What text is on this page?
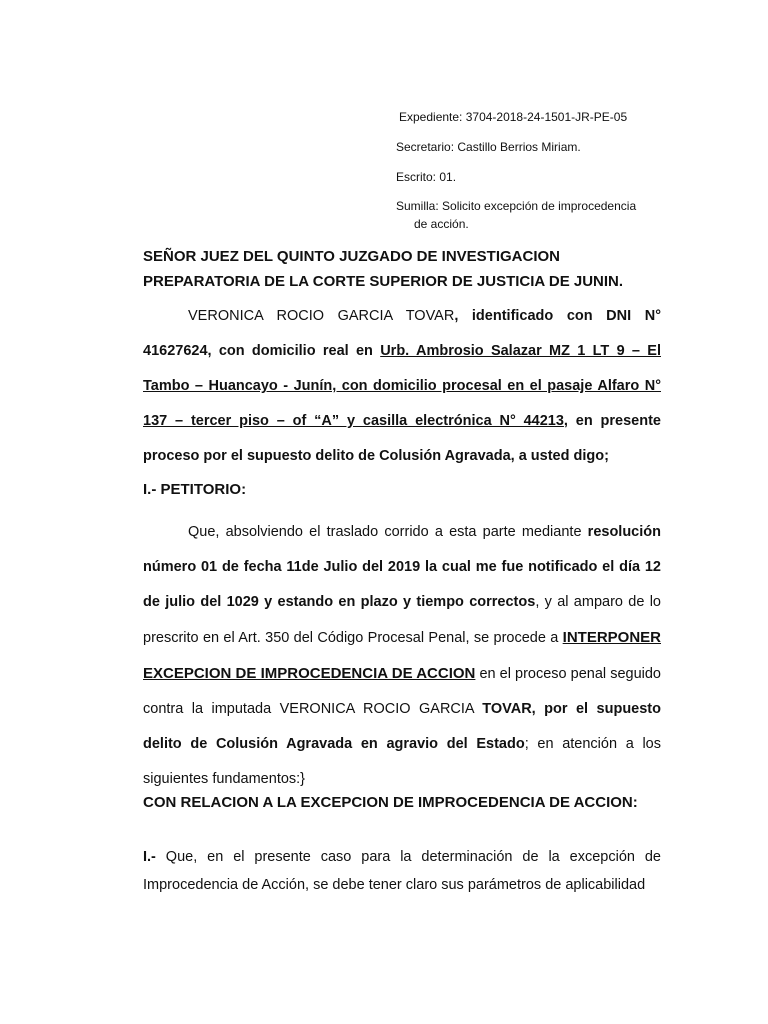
Expediente: 3704-2018-24-1501-JR-PE-05

Secretario: Castillo Berrios Miriam.

Escrito: 01.

Sumilla: Solicito excepción de improcedencia

de acción.

SEÑOR JUEZ DEL QUINTO JUZGADO DE INVESTIGACION PREPARATORIA DE LA CORTE SUPERIOR DE JUSTICIA DE JUNIN.
VERONICA ROCIO GARCIA TOVAR, identificado con DNI N° 41627624, con domicilio real en Urb. Ambrosio Salazar MZ 1 LT 9 – El Tambo – Huancayo - Junín, con domicilio procesal en el pasaje Alfaro N° 137 – tercer piso – of “A” y casilla electrónica N° 44213, en presente proceso por el supuesto delito de Colusión Agravada, a usted digo;
I.- PETITORIO:
Que, absolviendo el traslado corrido a esta parte mediante resolución número 01 de fecha 11de Julio del 2019 la cual me fue notificado el día 12 de julio del 1029 y estando en plazo y tiempo correctos, y al amparo de lo prescrito en el Art. 350 del Código Procesal Penal, se procede a INTERPONER EXCEPCION DE IMPROCEDENCIA DE ACCION en el proceso penal seguido contra la imputada VERONICA ROCIO GARCIA TOVAR, por el supuesto delito de Colusión Agravada en agravio del Estado; en atención a los siguientes fundamentos:}
CON RELACION A LA EXCEPCION DE IMPROCEDENCIA DE ACCION:
I.- Que, en el presente caso para la determinación de la excepción de Improcedencia de Acción, se debe tener claro sus parámetros de aplicabilidad
